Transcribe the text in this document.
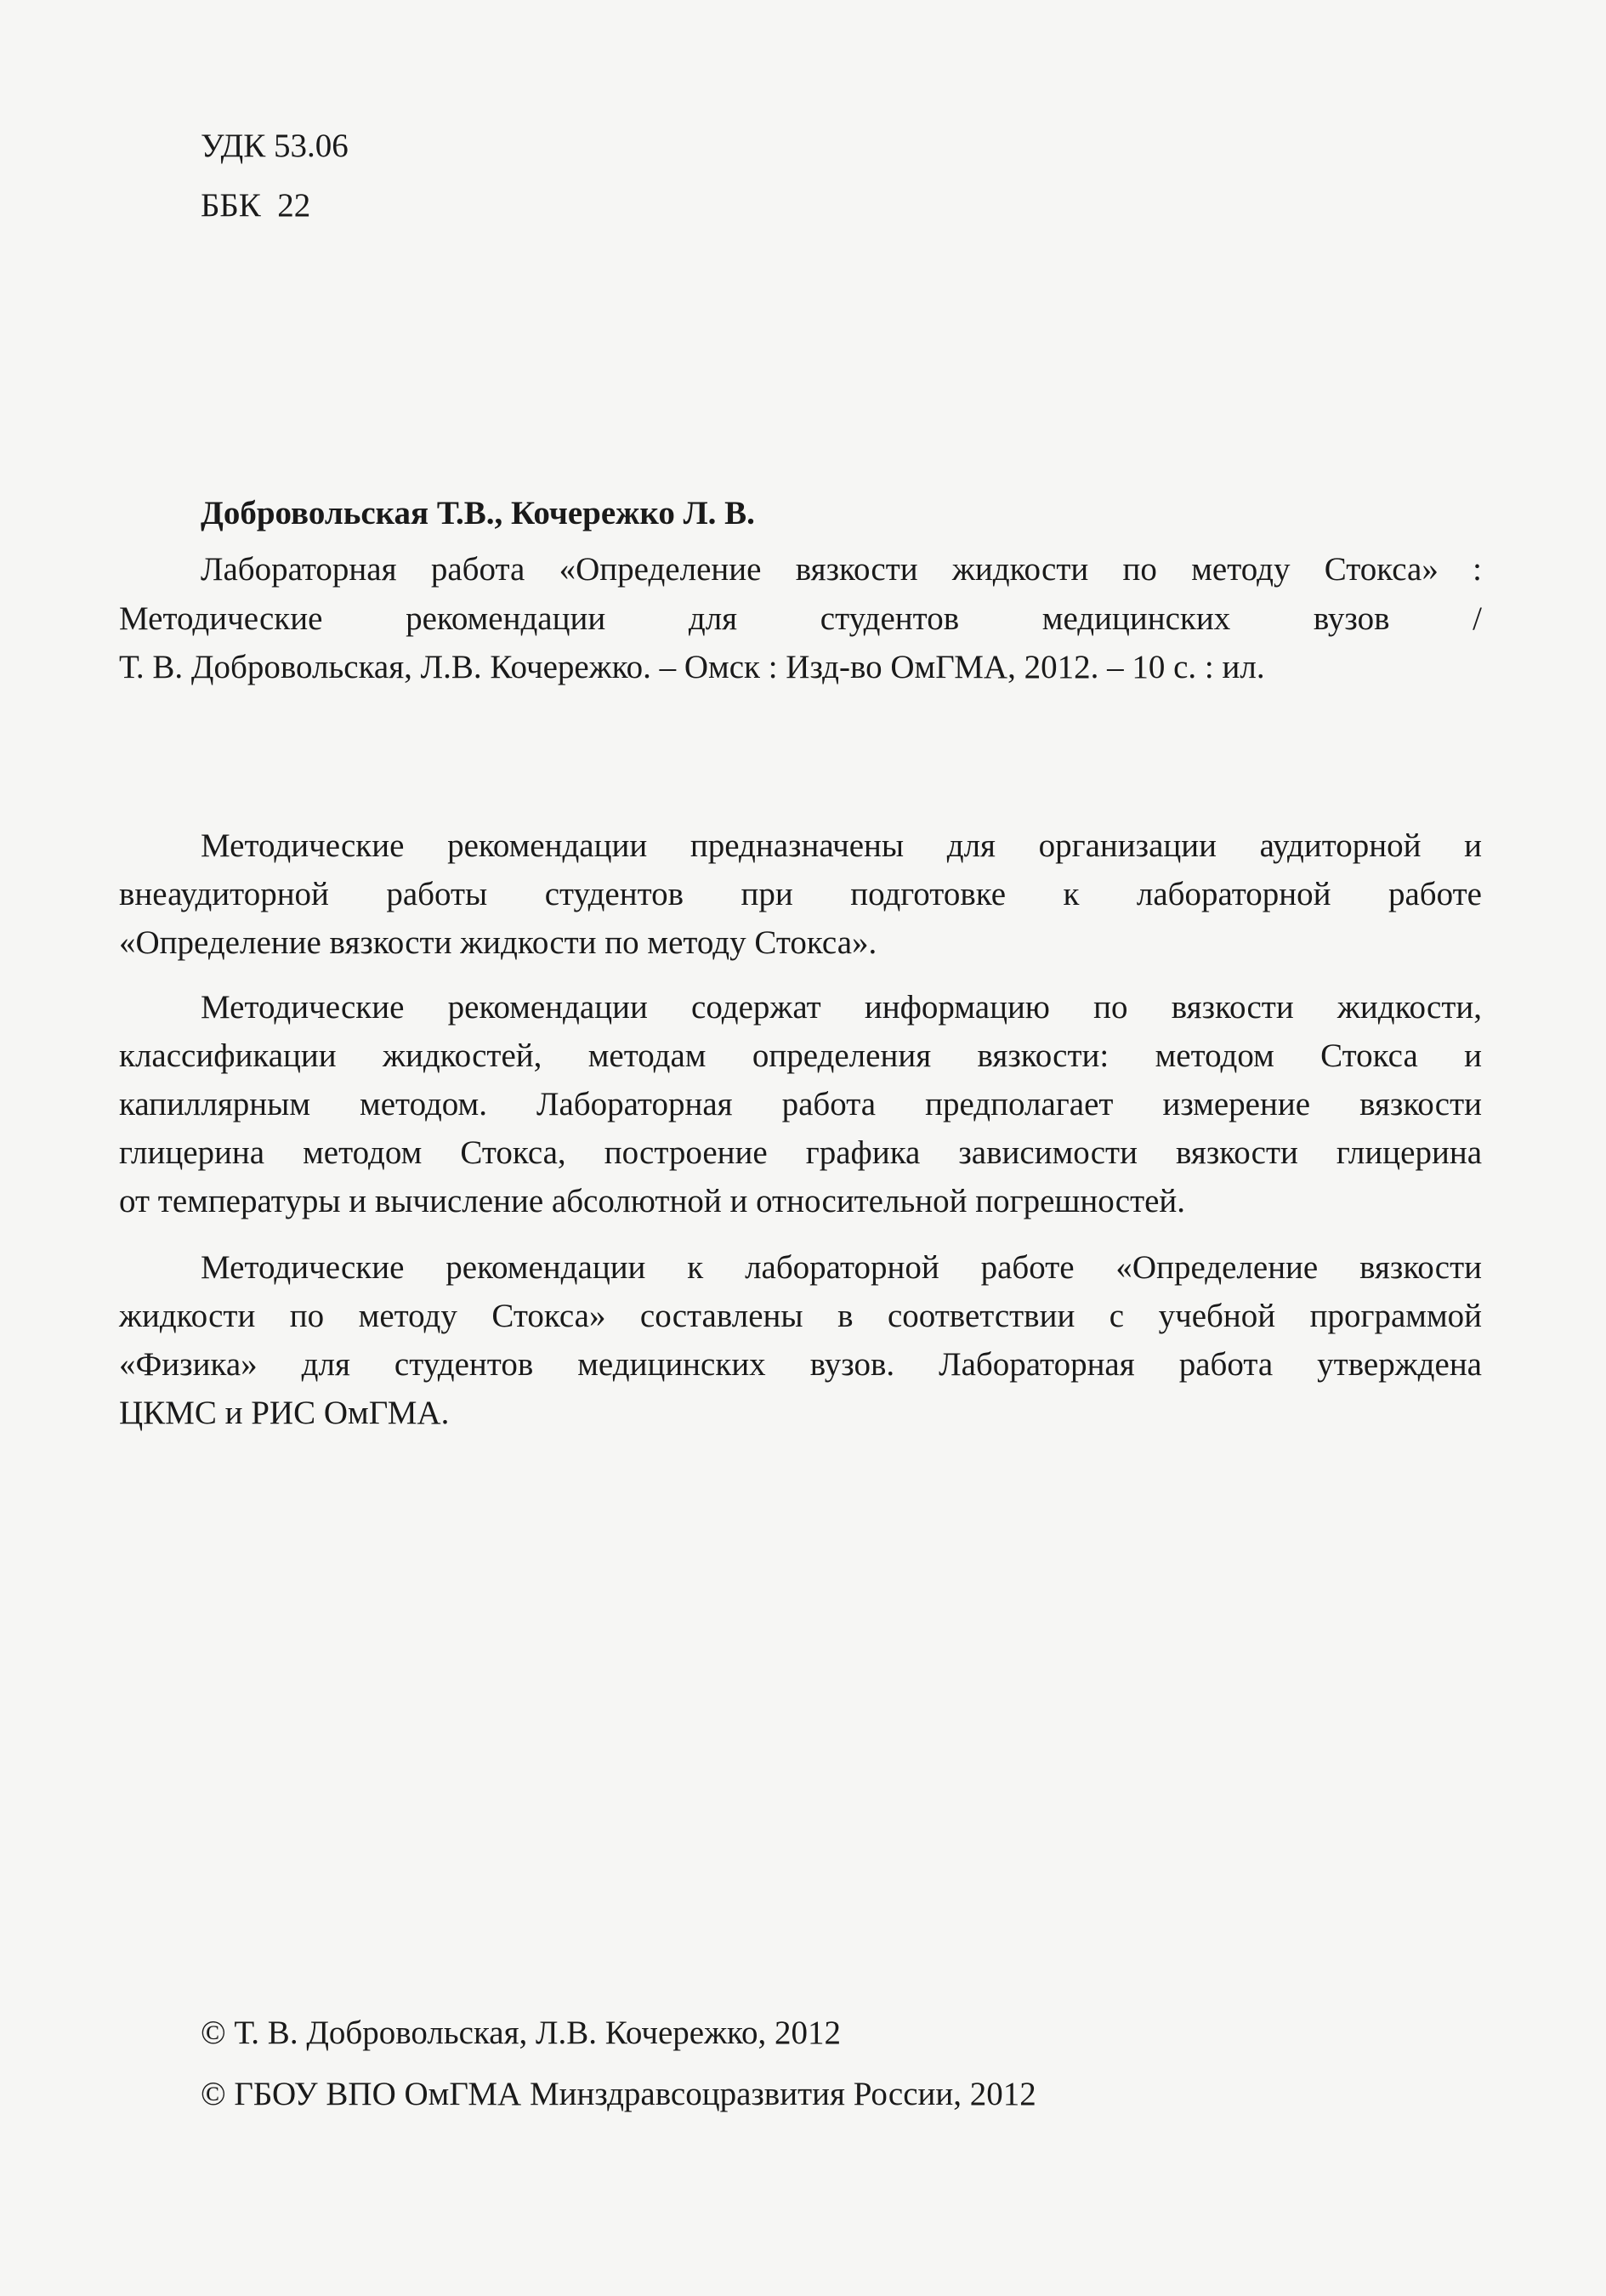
УДК 53.06
ББК  22
Добровольская Т.В., Кочережко Л. В.
Лабораторная работа «Определение вязкости жидкости по методу Стокса» :
Методические рекомендации для студентов медицинских вузов /
Т. В. Добровольская, Л.В. Кочережко. – Омск : Изд-во ОмГМА, 2012. – 10 с. : ил.
Методические рекомендации предназначены для организации аудиторной и
внеаудиторной работы студентов при подготовке к лабораторной работе
«Определение вязкости жидкости по методу Стокса».
Методические рекомендации содержат информацию по вязкости жидкости,
классификации жидкостей, методам определения вязкости: методом Стокса и
капиллярным методом. Лабораторная работа предполагает измерение вязкости
глицерина методом Стокса, построение графика зависимости вязкости глицерина
от температуры и вычисление абсолютной и относительной погрешностей.
Методические рекомендации к лабораторной работе «Определение вязкости
жидкости по методу Стокса» составлены в соответствии с учебной программой
«Физика» для студентов медицинских вузов. Лабораторная работа утверждена
ЦКМС и РИС ОмГМА.
© Т. В. Добровольская, Л.В. Кочережко, 2012
© ГБОУ ВПО ОмГМА Минздравсоцразвития России, 2012
